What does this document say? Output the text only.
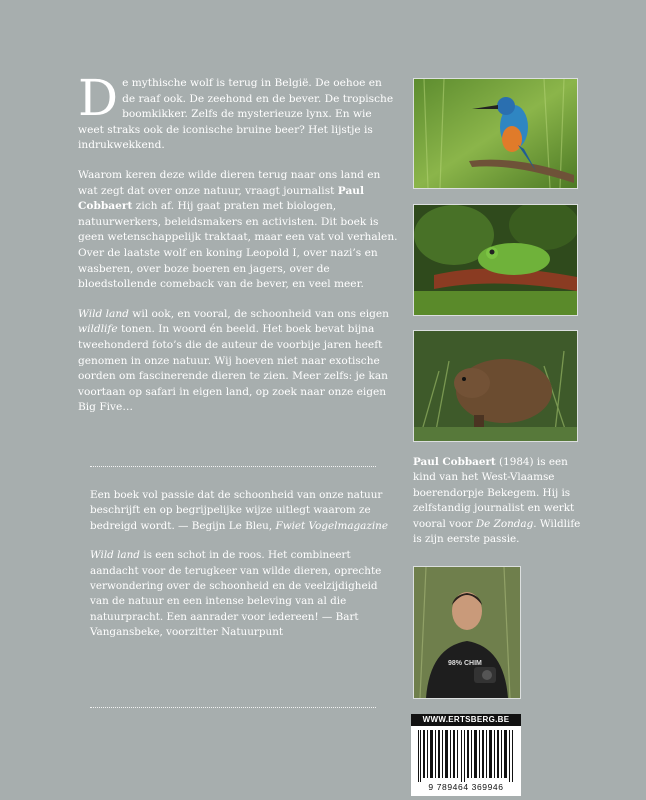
De mythische wolf is terug in België. De oehoe en de raaf ook. De zeehond en de bever. De tropische boomkikker. Zelfs de mysterieuze lynx. En wie weet straks ook de iconische bruine beer? Het lijstje is indrukwekkend.

Waarom keren deze wilde dieren terug naar ons land en wat zegt dat over onze natuur, vraagt journalist Paul Cobbaert zich af. Hij gaat praten met biologen, natuurwerkers, beleidsmakers en activisten. Dit boek is geen wetenschappelijk traktaat, maar een vat vol verhalen. Over de laatste wolf en koning Leopold I, over nazi’s en wasberen, over boze boeren en jagers, over de bloedstollende comeback van de bever, en veel meer.

Wild land wil ook, en vooral, de schoonheid van ons eigen wildlife tonen. In woord én beeld. Het boek bevat bijna tweehonderd foto’s die de auteur de voorbije jaren heeft genomen in onze natuur. Wij hoeven niet naar exotische oorden om fascinerende dieren te zien. Meer zelfs: je kan voortaan op safari in eigen land, op zoek naar onze eigen Big Five…

Een boek vol passie dat de schoonheid van onze natuur beschrijft en op begrijpelijke wijze uitlegt waarom ze bedreigd wordt. — Begijn Le Bleu, Fwiet Vogelmagazine

Wild land is een schot in de roos. Het combineert aandacht voor de terugkeer van wilde dieren, oprechte verwondering over de schoonheid en de veelzijdigheid van de natuur en een intense beleving van al die natuurpracht. Een aanrader voor iedereen! — Bart Vangansbeke, voorzitter Natuurpunt

Paul Cobbaert (1984) is een kind van het West-Vlaamse boerendorpje Bekegem. Hij is zelfstandig journalist en werkt vooral voor De Zondag. Wildlife is zijn eerste passie.

98% CHIM
WWW.ERTSBERG.BE
9 789464 369946
